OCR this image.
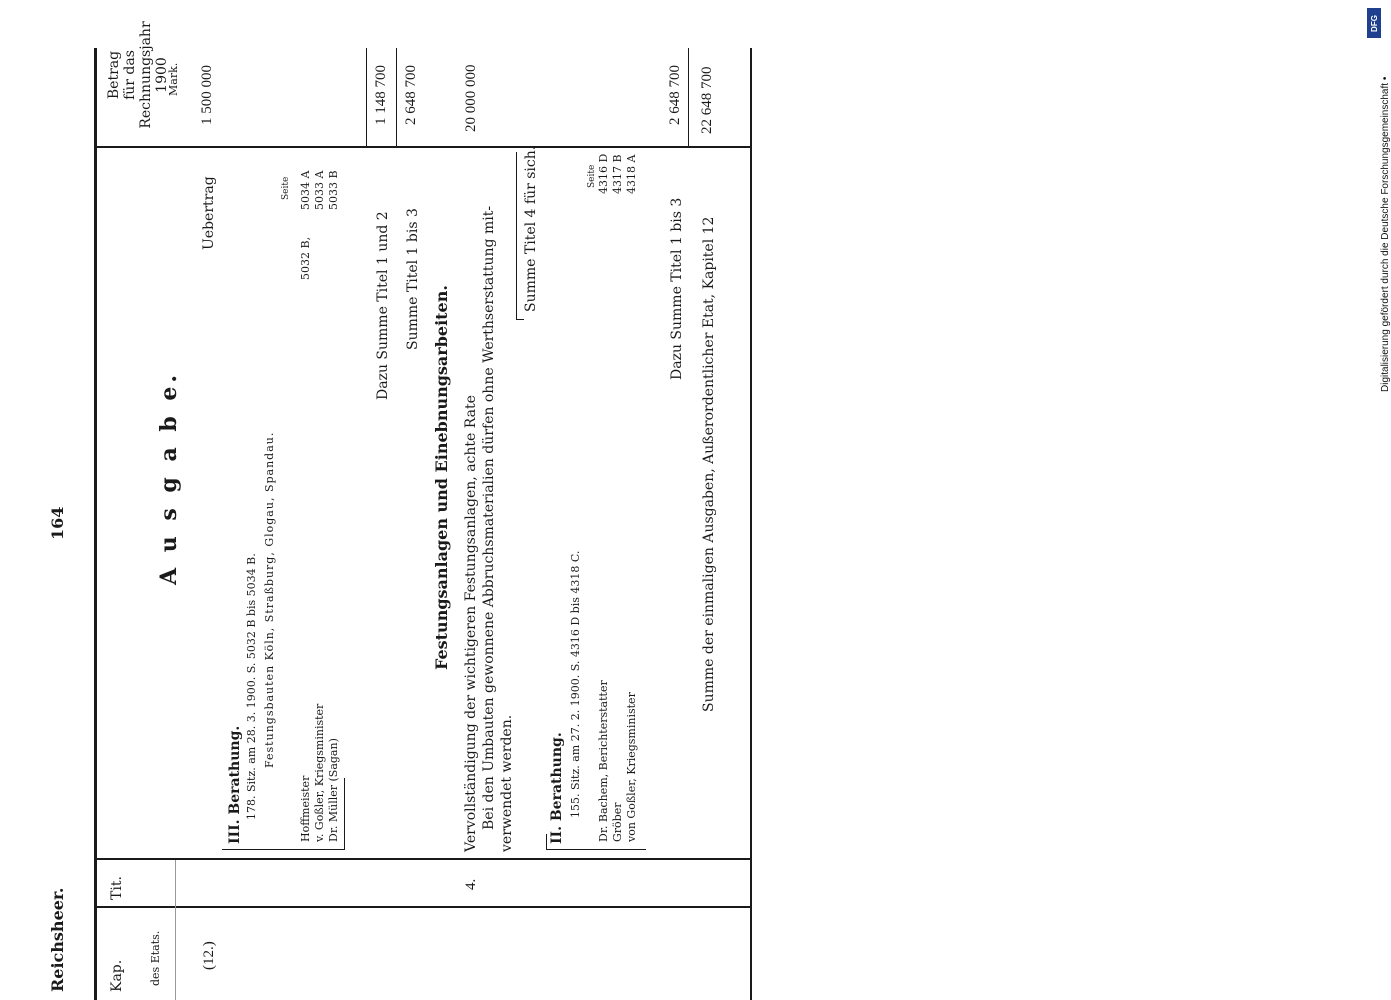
Reichsheer.
164
Kap.
Tit.
des Etats.
Betrag für das Rechnungsjahr 1900
Mark.
A u s g a b e.
(12.)
Uebertrag
1 500 000
III. Berathung. 178. Sitz. am 28. 3. 1900. S. 5032 B bis 5034 B. Festungsbauten Köln, Straßburg, Glogau, Spandau.
Seite
Hoffmeister
5032 B,
5034 A
v. Goßler, Kriegsminister
5033 A
Dr. Müller (Sagan)
5033 B
Dazu Summe Titel 1 und 2
1 148 700
Summe Titel 1 bis 3
2 648 700
4.
Festungsanlagen und Einebnungsarbeiten. Vervollständigung der wichtigeren Festungsanlagen, achte Rate
20 000 000
Bei den Umbauten gewonnene Abbruchsmaterialien dürfen ohne Werthserstattung mit- verwendet werden.
Summe Titel 4 für sich.
II. Berathung. 155. Sitz. am 27. 2. 1900. S. 4316 D bis 4318 C.
Seite
Dr. Bachem, Berichterstatter
4316 D
Gröber
4317 B
von Goßler, Kriegsminister
4318 A
Dazu Summe Titel 1 bis 3
2 648 700
Summe der einmaligen Ausgaben, Außerordentlicher Etat, Kapitel 12
22 648 700
DFG
Digitalisierung gefördert durch die Deutsche Forschungsgemeinschaft •
